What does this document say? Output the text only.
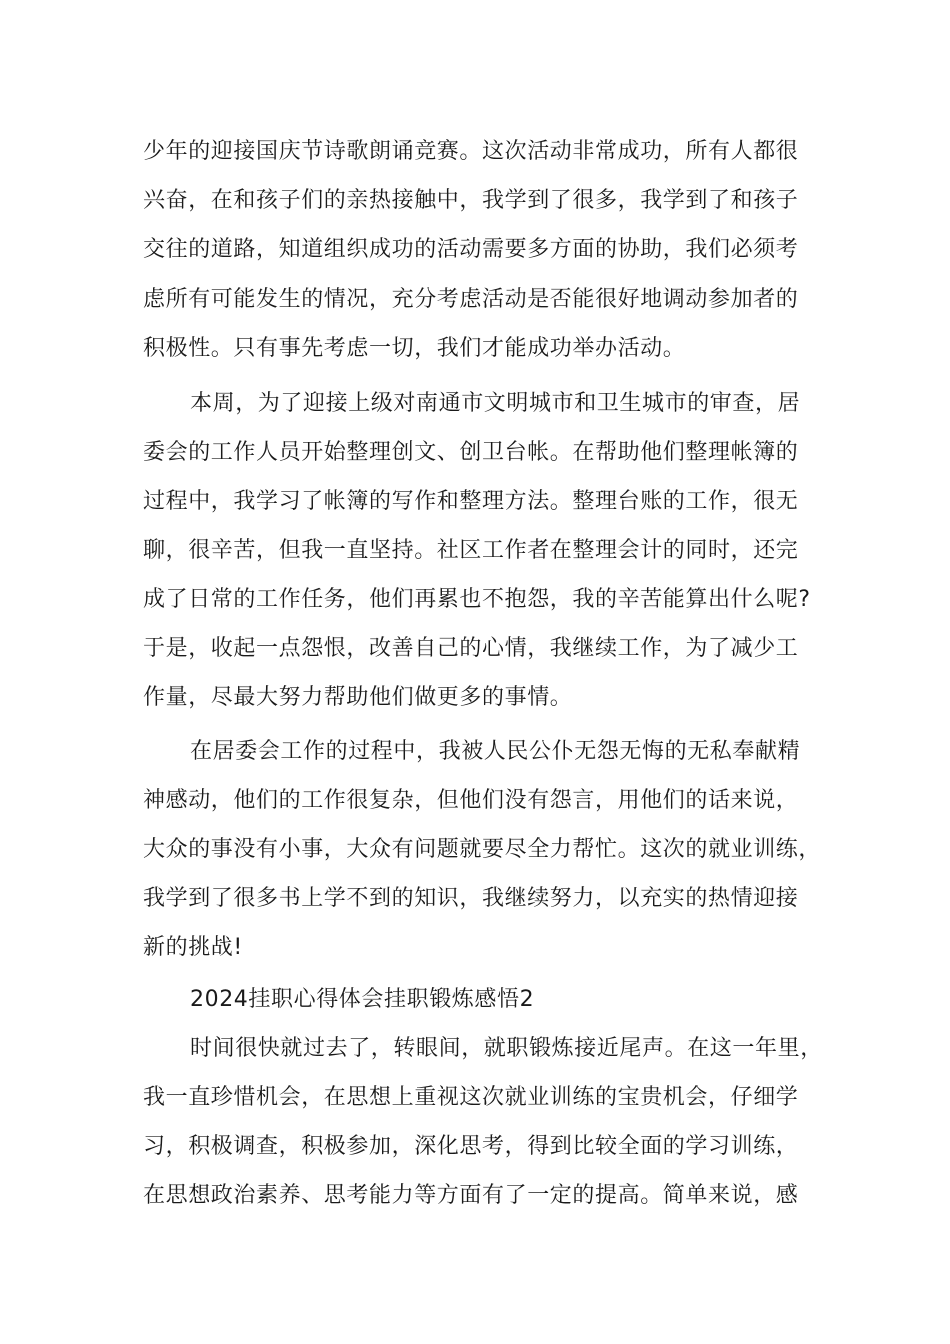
少年的迎接国庆节诗歌朗诵竞赛。这次活动非常成功，所有人都很
兴奋，在和孩子们的亲热接触中，我学到了很多，我学到了和孩子
交往的道路，知道组织成功的活动需要多方面的协助，我们必须考
虑所有可能发生的情况，充分考虑活动是否能很好地调动参加者的
积极性。只有事先考虑一切，我们才能成功举办活动。
本周，为了迎接上级对南通市文明城市和卫生城市的审查，居
委会的工作人员开始整理创文、创卫台帐。在帮助他们整理帐簿的
过程中，我学习了帐簿的写作和整理方法。整理台账的工作，很无
聊，很辛苦，但我一直坚持。社区工作者在整理会计的同时，还完
成了日常的工作任务，他们再累也不抱怨，我的辛苦能算出什么呢?
于是，收起一点怨恨，改善自己的心情，我继续工作，为了减少工
作量，尽最大努力帮助他们做更多的事情。
在居委会工作的过程中，我被人民公仆无怨无悔的无私奉献精
神感动，他们的工作很复杂，但他们没有怨言，用他们的话来说，
大众的事没有小事，大众有问题就要尽全力帮忙。这次的就业训练，
我学到了很多书上学不到的知识，我继续努力，以充实的热情迎接
新的挑战!
2024挂职心得体会挂职锻炼感悟2
时间很快就过去了，转眼间，就职锻炼接近尾声。在这一年里，
我一直珍惜机会，在思想上重视这次就业训练的宝贵机会，仔细学
习，积极调查，积极参加，深化思考，得到比较全面的学习训练，
在思想政治素养、思考能力等方面有了一定的提高。简单来说，感
